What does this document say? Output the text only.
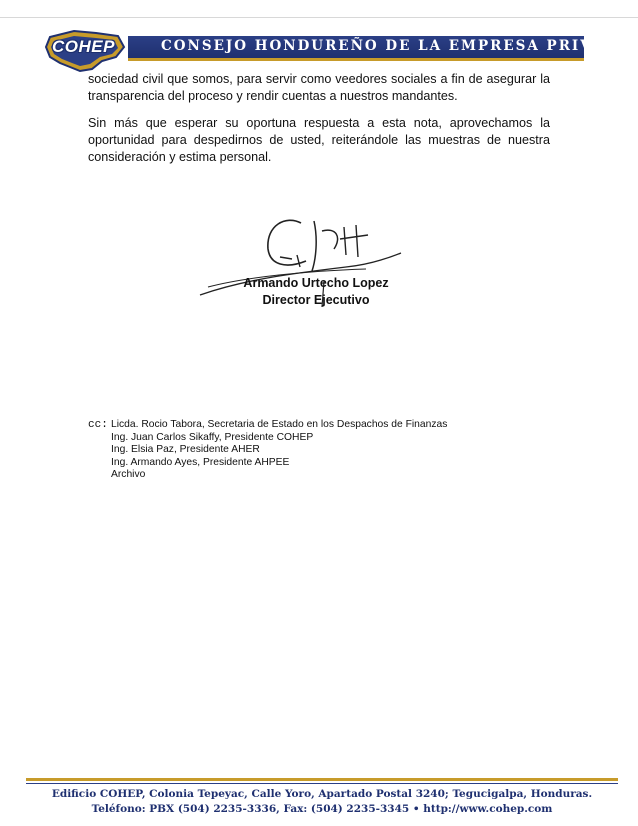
COHEP	CONSEJO HONDUREÑO DE LA EMPRESA PRIVADA

sociedad civil que somos, para servir como veedores sociales a fin de asegurar la transparencia del proceso y rendir cuentas a nuestros mandantes.

Sin más que esperar su oportuna respuesta a esta nota, aprovechamos la oportunidad para despedirnos de usted, reiterándole las muestras de nuestra consideración y estima personal.

Armando Urtecho Lopez
Director Ejecutivo
cc: Licda. Rocio Tabora, Secretaria de Estado en los Despachos de Finanzas
Ing. Juan Carlos Sikaffy, Presidente COHEP
Ing. Elsia Paz, Presidente AHER
Ing. Armando Ayes, Presidente AHPEE
Archivo
Edificio COHEP, Colonia Tepeyac, Calle Yoro, Apartado Postal 3240; Tegucigalpa, Honduras.
Teléfono: PBX (504) 2235-3336, Fax: (504) 2235-3345 • http://www.cohep.com
